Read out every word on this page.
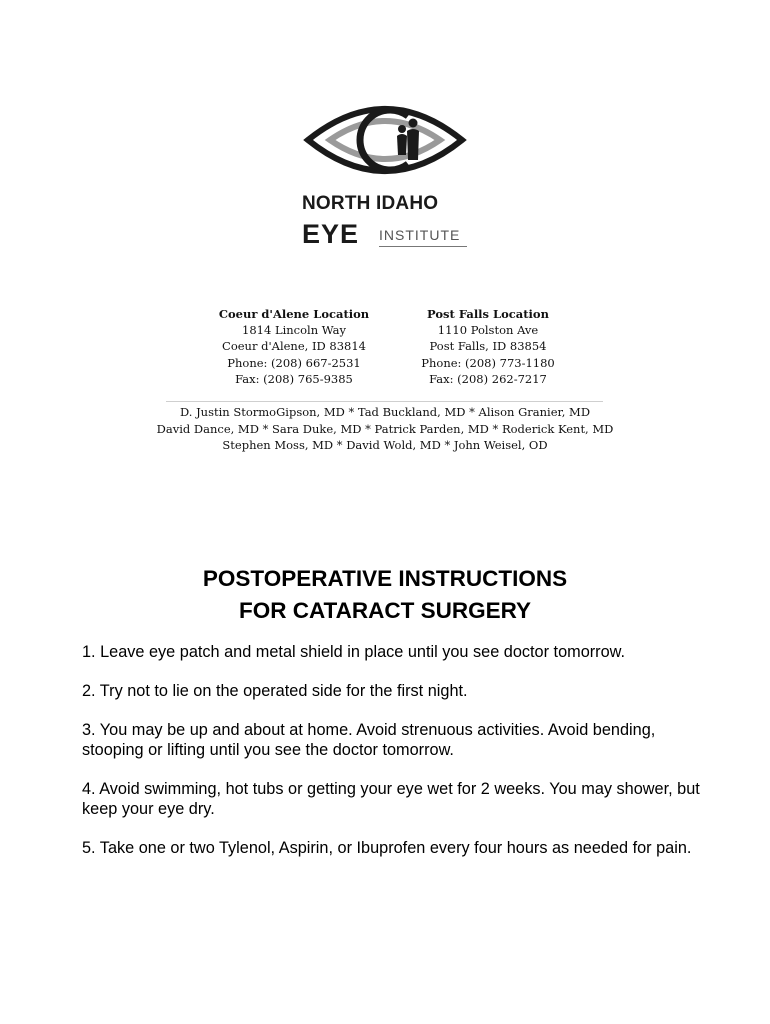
NORTH IDAHO
EYE INSTITUTE
Coeur d'Alene Location
1814 Lincoln Way
Coeur d'Alene, ID 83814
Phone: (208) 667-2531
Fax: (208) 765-9385
Post Falls Location
1110 Polston Ave
Post Falls, ID 83854
Phone: (208) 773-1180
Fax: (208) 262-7217
D. Justin StormoGipson, MD * Tad Buckland, MD * Alison Granier, MD
David Dance, MD * Sara Duke, MD * Patrick Parden, MD * Roderick Kent, MD
Stephen Moss, MD * David Wold, MD * John Weisel, OD
POSTOPERATIVE INSTRUCTIONS
FOR CATARACT SURGERY

1. Leave eye patch and metal shield in place until you see doctor tomorrow.

2. Try not to lie on the operated side for the first night.

3. You may be up and about at home. Avoid strenuous activities. Avoid bending, stooping or lifting until you see the doctor tomorrow.

4. Avoid swimming, hot tubs or getting your eye wet for 2 weeks. You may shower, but keep your eye dry.

5. Take one or two Tylenol, Aspirin, or Ibuprofen every four hours as needed for pain.
